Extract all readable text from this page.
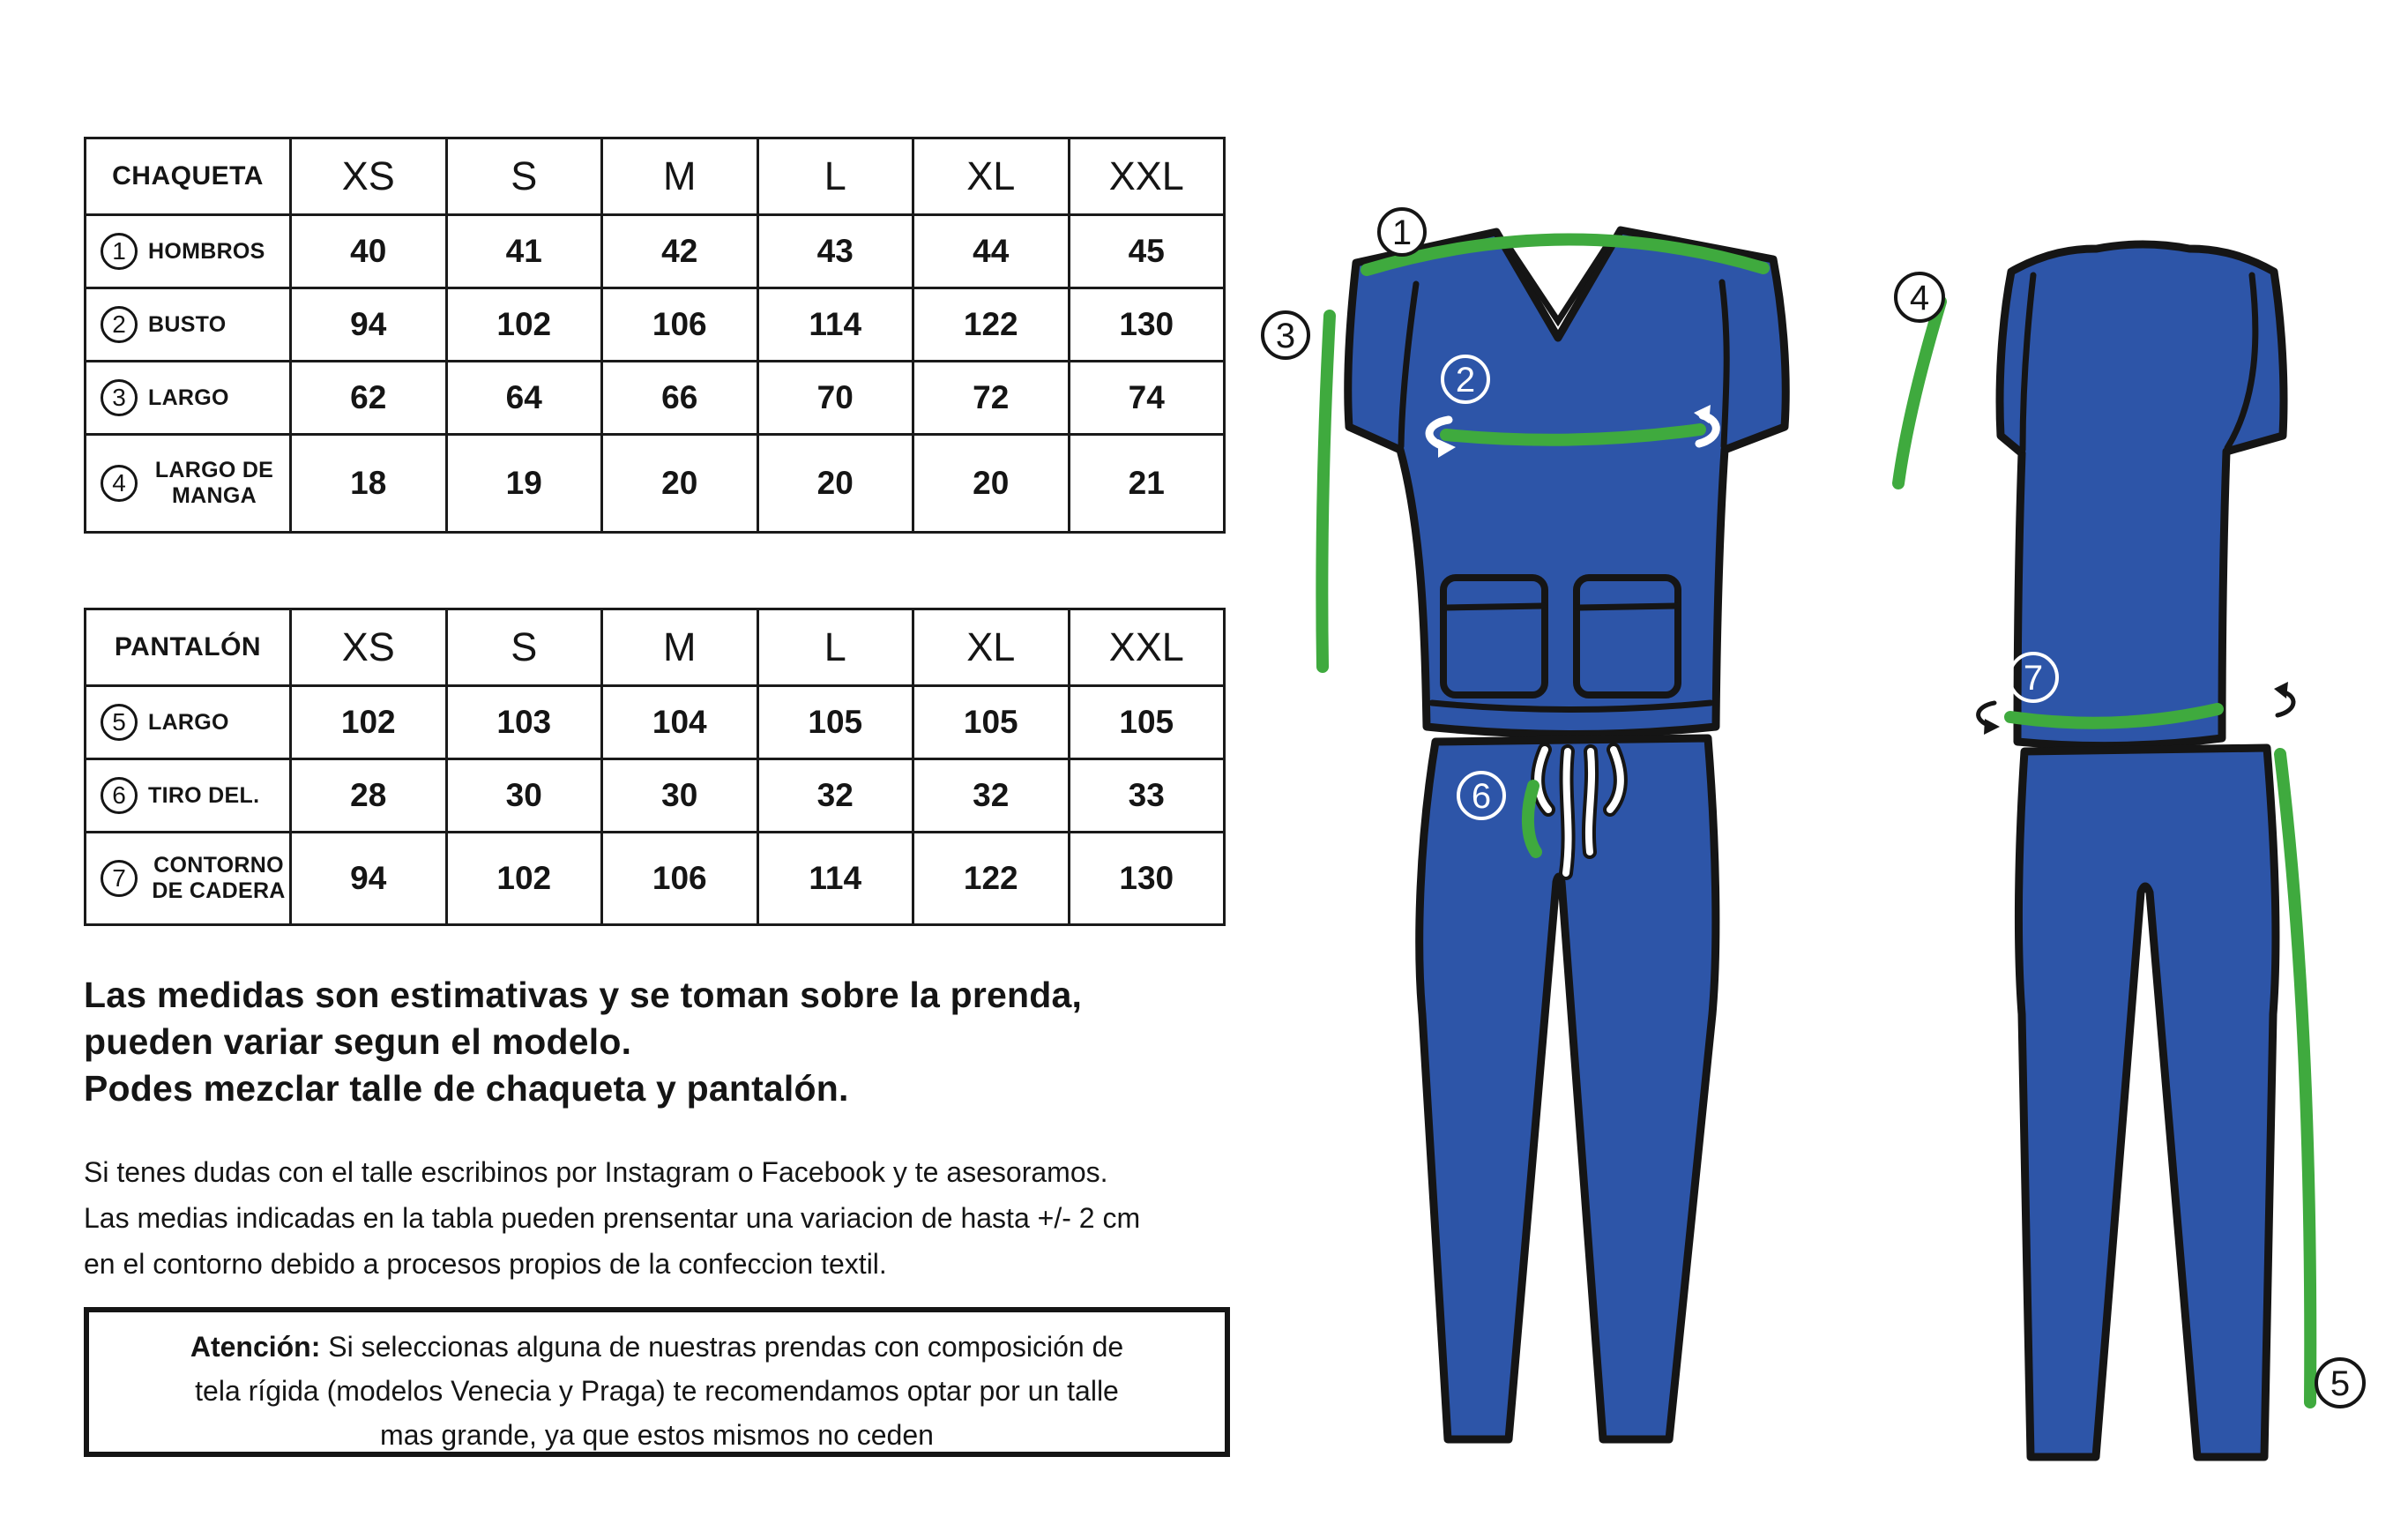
CHAQUETA	XS	S	M	L	XL	XXL

1 HOMBROS	40	41	42	43	44	45

2 BUSTO	94	102	106	114	122	130

3 LARGO	62	64	66	70	72	74

4 LARGO DE MANGA	18	19	20	20	20	21
PANTALÓN	XS	S	M	L	XL	XXL

5 LARGO	102	103	104	105	105	105

6 TIRO DEL.	28	30	30	32	32	33

7 CONTORNO DE CADERA	94	102	106	114	122	130
Las medidas son estimativas y se toman sobre la prenda,
pueden variar segun el modelo.
Podes mezclar talle de chaqueta y pantalón.
Si tenes dudas con el talle escribinos por Instagram o Facebook y te asesoramos.
Las medias indicadas en la tabla pueden prensentar una variacion de hasta +/- 2 cm
en el contorno debido a procesos propios de la confeccion textil.
Atención: Si seleccionas alguna de nuestras prendas con composición de tela rígida (modelos Venecia y Praga) te recomendamos optar por un talle mas grande, ya que estos mismos no ceden
1
3
2
6
4
7
5
